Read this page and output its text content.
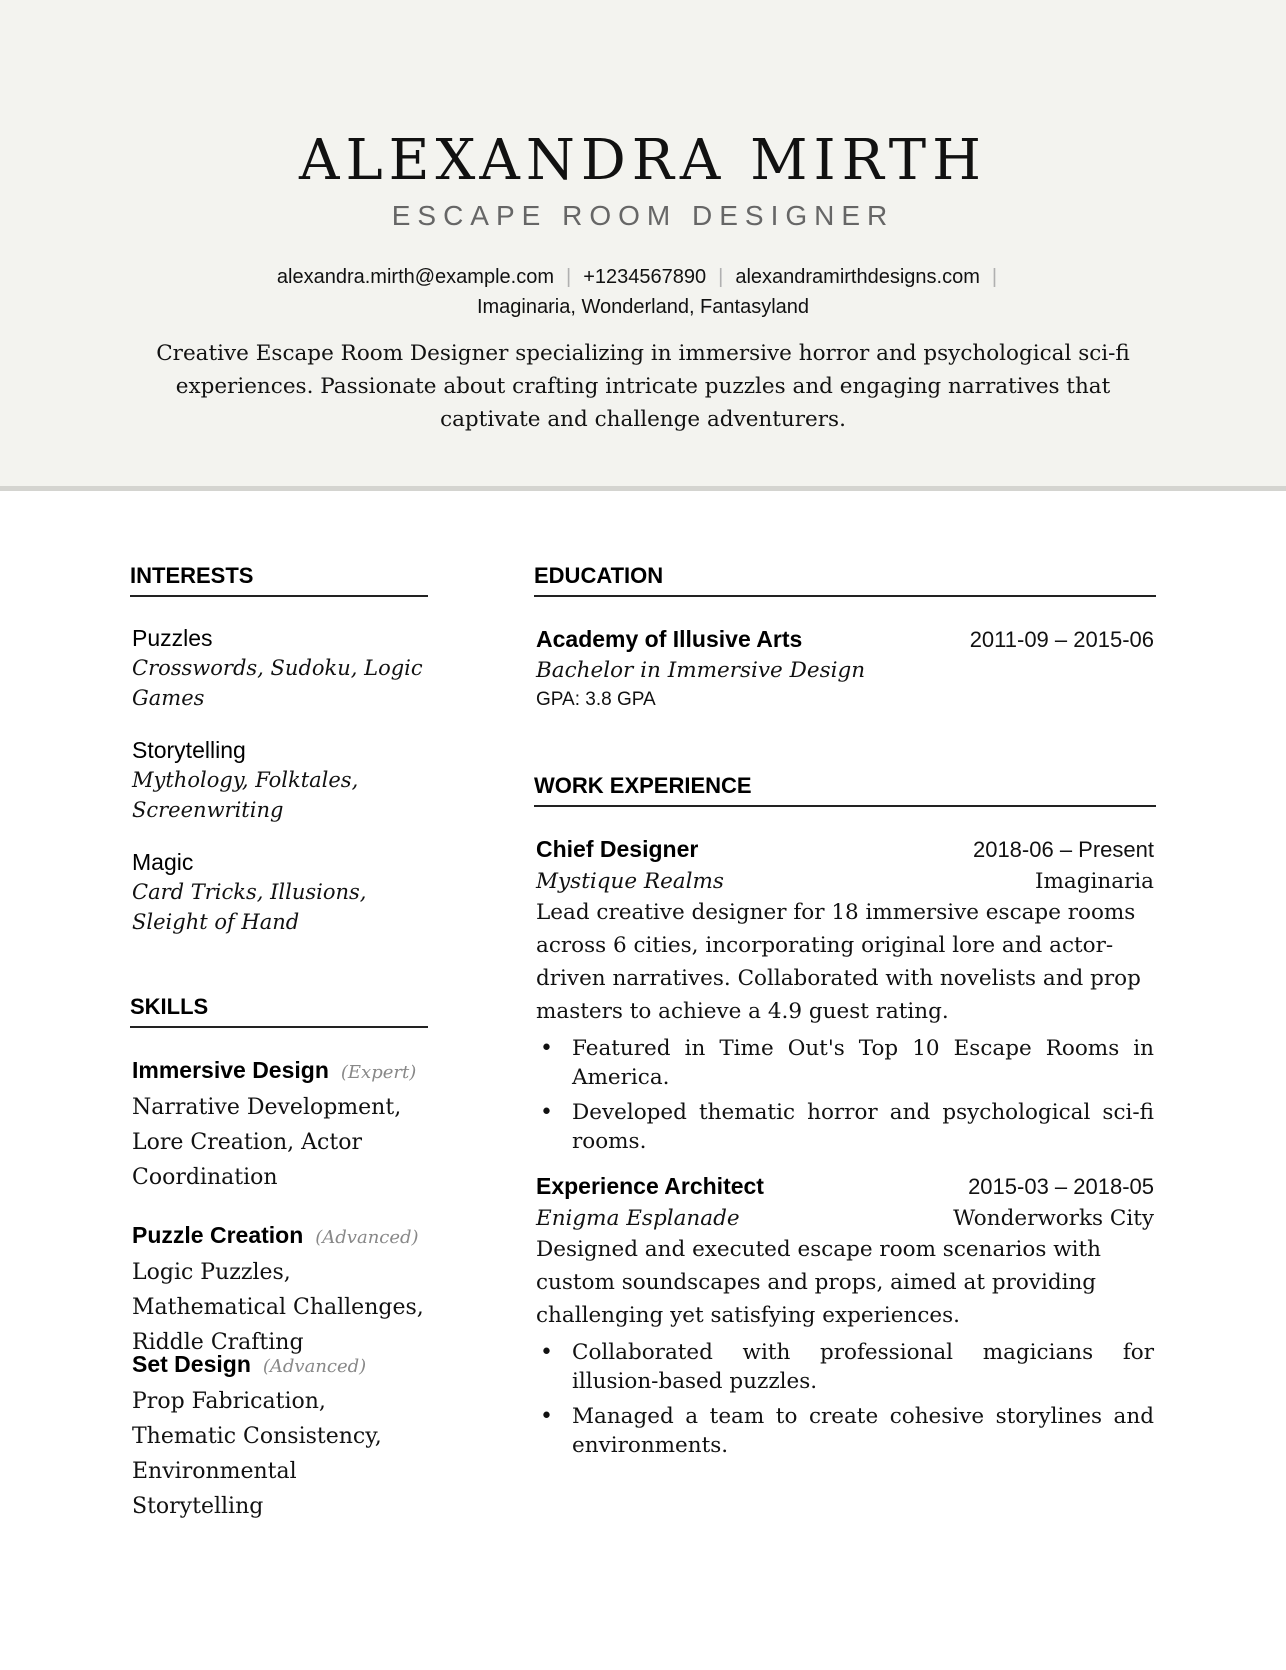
ALEXANDRA MIRTH
ESCAPE ROOM DESIGNER
alexandra.mirth@example.com | +1234567890 | alexandramirthdesigns.com |
Imaginaria, Wonderland, Fantasyland
Creative Escape Room Designer specializing in immersive horror and psychological sci-fi experiences. Passionate about crafting intricate puzzles and engaging narratives that captivate and challenge adventurers.
INTERESTS
Puzzles
Crosswords, Sudoku, Logic Games
Storytelling
Mythology, Folktales, Screenwriting
Magic
Card Tricks, Illusions, Sleight of Hand
SKILLS
Immersive Design (Expert)
Narrative Development, Lore Creation, Actor Coordination
Puzzle Creation (Advanced)
Logic Puzzles, Mathematical Challenges, Riddle Crafting
Set Design (Advanced)
Prop Fabrication, Thematic Consistency, Environmental Storytelling
EDUCATION
Academy of Illusive Arts	2011-09 – 2015-06
Bachelor in Immersive Design
GPA: 3.8 GPA
WORK EXPERIENCE
Chief Designer	2018-06 – Present
Mystique Realms	Imaginaria
Lead creative designer for 18 immersive escape rooms across 6 cities, incorporating original lore and actor-driven narratives. Collaborated with novelists and prop masters to achieve a 4.9 guest rating.
• Featured in Time Out's Top 10 Escape Rooms in America.
• Developed thematic horror and psychological sci-fi rooms.
Experience Architect	2015-03 – 2018-05
Enigma Esplanade	Wonderworks City
Designed and executed escape room scenarios with custom soundscapes and props, aimed at providing challenging yet satisfying experiences.
• Collaborated with professional magicians for illusion-based puzzles.
• Managed a team to create cohesive storylines and environments.
